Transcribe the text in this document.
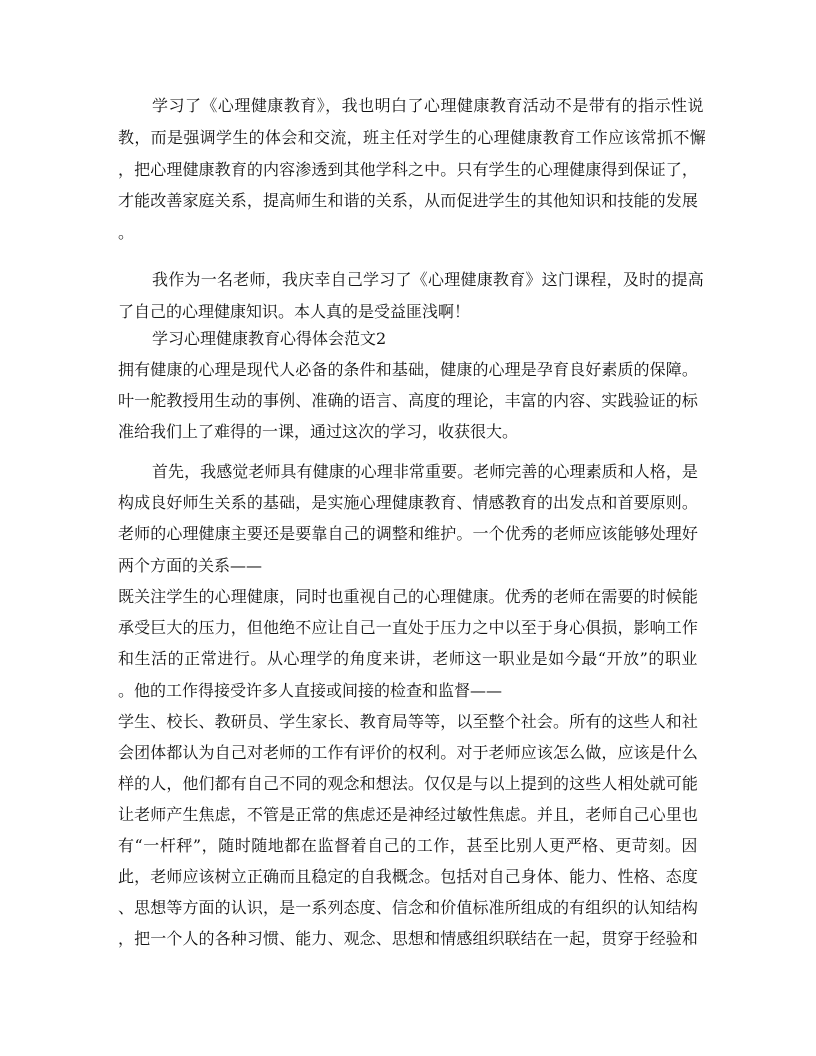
学习了《心理健康教育》，我也明白了心理健康教育活动不是带有的指示性说
教，而是强调学生的体会和交流，班主任对学生的心理健康教育工作应该常抓不懈
，把心理健康教育的内容渗透到其他学科之中。只有学生的心理健康得到保证了，
才能改善家庭关系，提高师生和谐的关系，从而促进学生的其他知识和技能的发展
。
我作为一名老师，我庆幸自己学习了《心理健康教育》这门课程，及时的提高
了自己的心理健康知识。本人真的是受益匪浅啊！
学习心理健康教育心得体会范文2
拥有健康的心理是现代人必备的条件和基础，健康的心理是孕育良好素质的保障。
叶一舵教授用生动的事例、准确的语言、高度的理论，丰富的内容、实践验证的标
准给我们上了难得的一课，通过这次的学习，收获很大。
首先，我感觉老师具有健康的心理非常重要。老师完善的心理素质和人格，是
构成良好师生关系的基础，是实施心理健康教育、情感教育的出发点和首要原则。
老师的心理健康主要还是要靠自己的调整和维护。一个优秀的老师应该能够处理好
两个方面的关系——
既关注学生的心理健康，同时也重视自己的心理健康。优秀的老师在需要的时候能
承受巨大的压力，但他绝不应让自己一直处于压力之中以至于身心俱损，影响工作
和生活的正常进行。从心理学的角度来讲，老师这一职业是如今最“开放”的职业
。他的工作得接受许多人直接或间接的检查和监督——
学生、校长、教研员、学生家长、教育局等等，以至整个社会。所有的这些人和社
会团体都认为自己对老师的工作有评价的权利。对于老师应该怎么做，应该是什么
样的人，他们都有自己不同的观念和想法。仅仅是与以上提到的这些人相处就可能
让老师产生焦虑，不管是正常的焦虑还是神经过敏性焦虑。并且，老师自己心里也
有“一杆秤”，随时随地都在监督着自己的工作，甚至比别人更严格、更苛刻。因
此，老师应该树立正确而且稳定的自我概念。包括对自己身体、能力、性格、态度
、思想等方面的认识，是一系列态度、信念和价值标准所组成的有组织的认知结构
，把一个人的各种习惯、能力、观念、思想和情感组织联结在一起，贯穿于经验和
